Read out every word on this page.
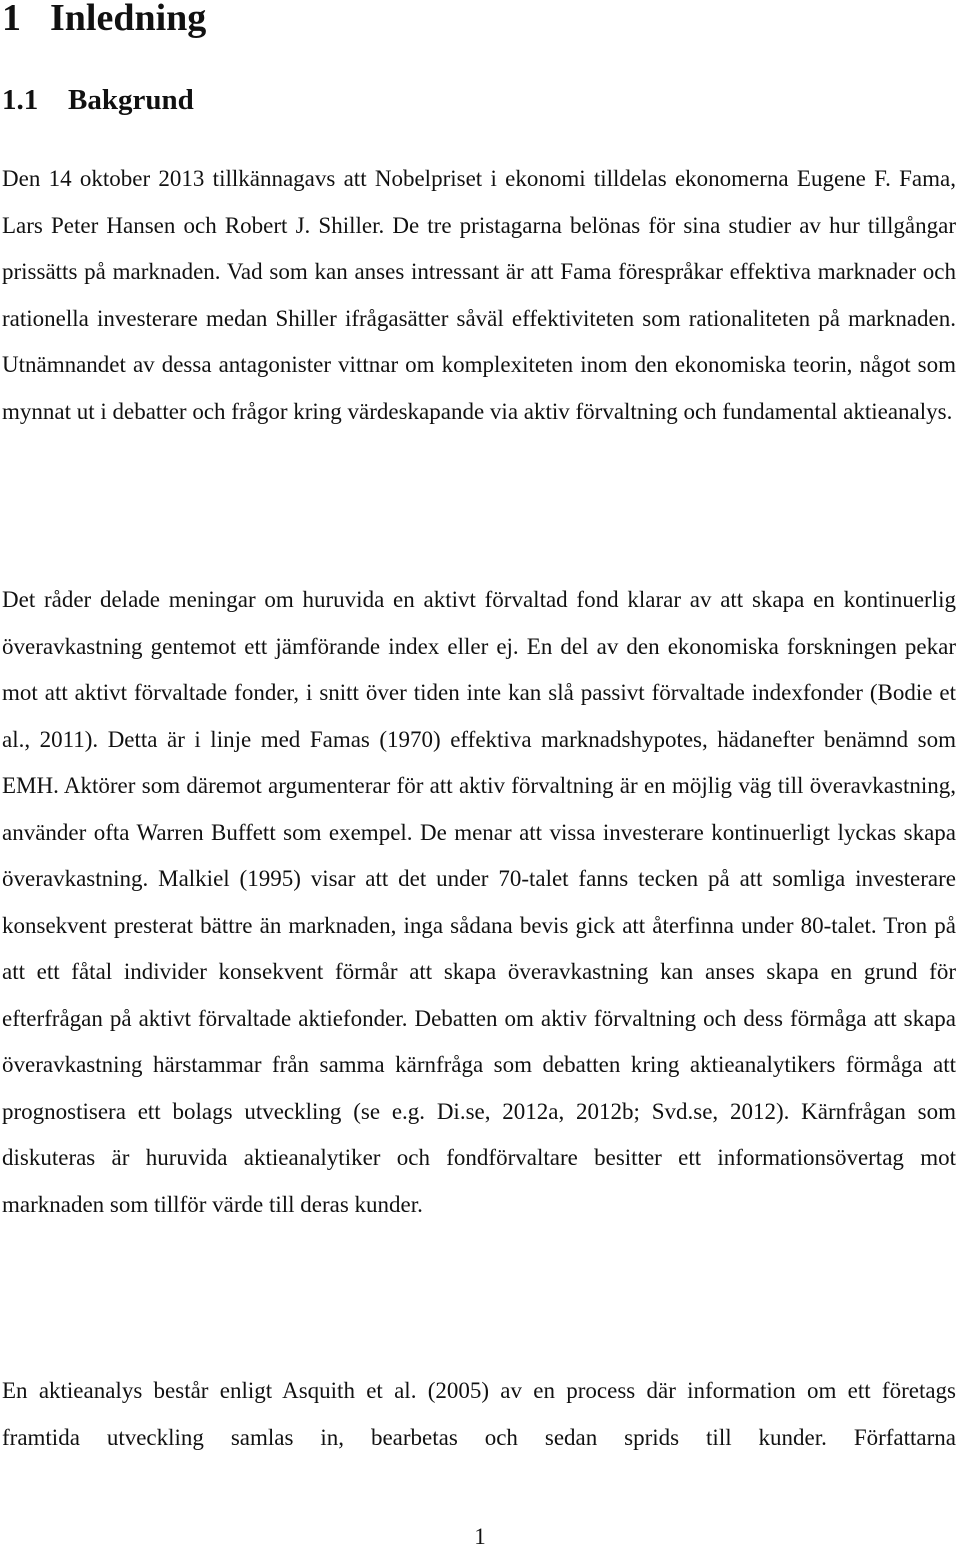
1 Inledning
1.1 Bakgrund

Den 14 oktober 2013 tillkännagavs att Nobelpriset i ekonomi tilldelas ekonomerna Eugene F. Fama, Lars Peter Hansen och Robert J. Shiller. De tre pristagarna belönas för sina studier av hur tillgångar prissätts på marknaden. Vad som kan anses intressant är att Fama förespråkar effektiva marknader och rationella investerare medan Shiller ifrågasätter såväl effektiviteten som rationaliteten på marknaden. Utnämnandet av dessa antagonister vittnar om komplexiteten inom den ekonomiska teorin, något som mynnat ut i debatter och frågor kring värdeskapande via aktiv förvaltning och fundamental aktieanalys.

Det råder delade meningar om huruvida en aktivt förvaltad fond klarar av att skapa en kontinuerlig överavkastning gentemot ett jämförande index eller ej. En del av den ekonomiska forskningen pekar mot att aktivt förvaltade fonder, i snitt över tiden inte kan slå passivt förvaltade indexfonder (Bodie et al., 2011). Detta är i linje med Famas (1970) effektiva marknadshypotes, hädanefter benämnd som EMH. Aktörer som däremot argumenterar för att aktiv förvaltning är en möjlig väg till överavkastning, använder ofta Warren Buffett som exempel. De menar att vissa investerare kontinuerligt lyckas skapa överavkastning. Malkiel (1995) visar att det under 70-talet fanns tecken på att somliga investerare konsekvent presterat bättre än marknaden, inga sådana bevis gick att återfinna under 80-talet. Tron på att ett fåtal individer konsekvent förmår att skapa överavkastning kan anses skapa en grund för efterfrågan på aktivt förvaltade aktiefonder. Debatten om aktiv förvaltning och dess förmåga att skapa överavkastning härstammar från samma kärnfråga som debatten kring aktieanalytikers förmåga att prognostisera ett bolags utveckling (se e.g. Di.se, 2012a, 2012b; Svd.se, 2012). Kärnfrågan som diskuteras är huruvida aktieanalytiker och fondförvaltare besitter ett informationsövertag mot marknaden som tillför värde till deras kunder.

En aktieanalys består enligt Asquith et al. (2005) av en process där information om ett företags framtida utveckling samlas in, bearbetas och sedan sprids till kunder. Författarna

1
